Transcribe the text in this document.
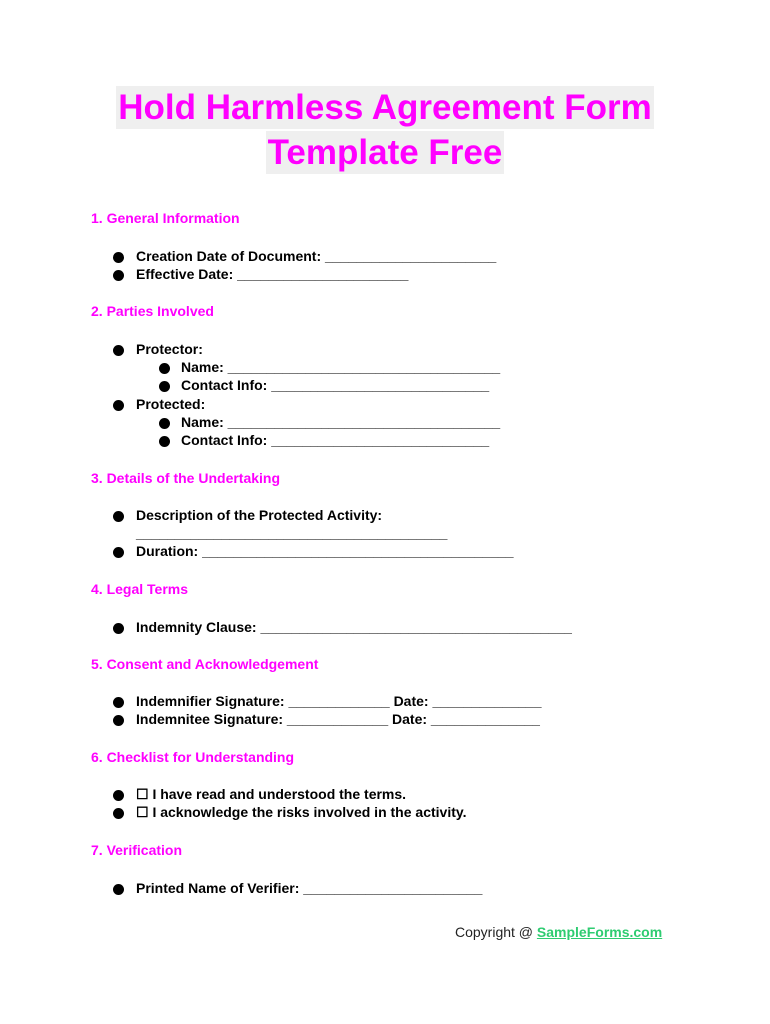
Hold Harmless Agreement Form
Template Free
1. General Information
Creation Date of Document: ______________________
Effective Date: ______________________
2. Parties Involved
Protector:
Name: ___________________________________
Contact Info: ____________________________
Protected:
Name: ___________________________________
Contact Info: ____________________________
3. Details of the Undertaking
Description of the Protected Activity:
________________________________________
Duration: ________________________________________
4. Legal Terms
Indemnity Clause: ________________________________________
5. Consent and Acknowledgement
Indemnifier Signature: _____________ Date: ______________
Indemnitee Signature: _____________ Date: ______________
6. Checklist for Understanding
☐ I have read and understood the terms.
☐ I acknowledge the risks involved in the activity.
7. Verification
Printed Name of Verifier: _______________________
Copyright @ SampleForms.com
